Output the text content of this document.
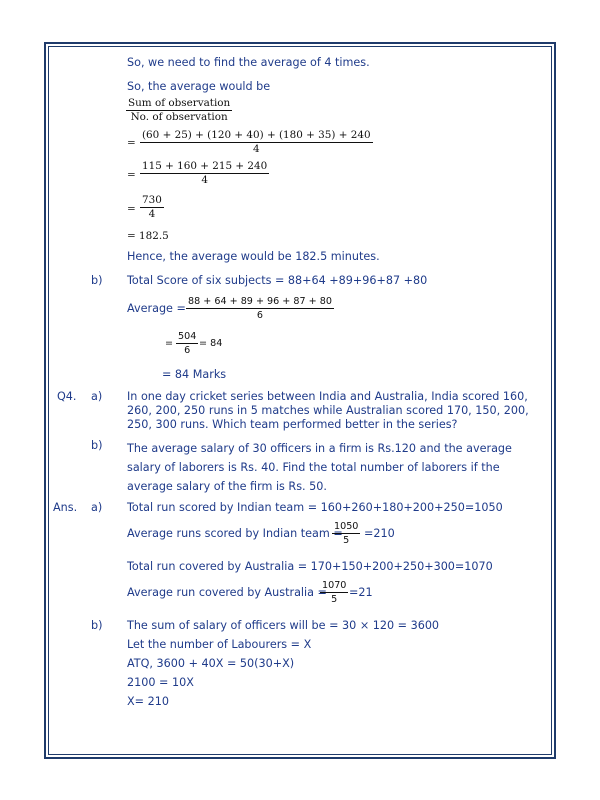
So, we need to find the average of 4 times.
So, the average would be
Sum of observation
No. of observation
= $\frac{(60 + 25) + (120 + 40) + (180 + 35) + 240}{4}$
= $\frac{115 + 160 + 215 + 240}{4}$
= $\frac{730}{4}$
= 182.5
Hence, the average would be 182.5 minutes.
b) Total Score of six subjects = 88+64 +89+96+87 +80
Average = $\frac{88 + 64 + 89 + 96 + 87 + 80}{6}$
= $\frac{504}{6} = 84$
= 84 Marks
Q4. a) In one day cricket series between India and Australia, India scored 160, 260, 200, 250 runs in 5 matches while Australian scored 170, 150, 200, 250, 300 runs. Which team performed better in the series?
b) The average salary of 30 officers in a firm is Rs.120 and the average salary of laborers is Rs. 40. Find the total number of laborers if the average salary of the firm is Rs. 50.
Ans. a) Total run scored by Indian team = 160+260+180+200+250=1050
Average runs scored by Indian team =
$\frac{1050}{5} =210$
Total run covered by Australia = 170+150+200+250+300=1070
Average run covered by Australia =
$\frac{1070}{5} =21$
b) The sum of salary of officers will be = 30 × 120 = 3600
Let the number of Labourers = X
ATQ, 3600 + 40X = 50(30+X)
2100 = 10X
X= 210
